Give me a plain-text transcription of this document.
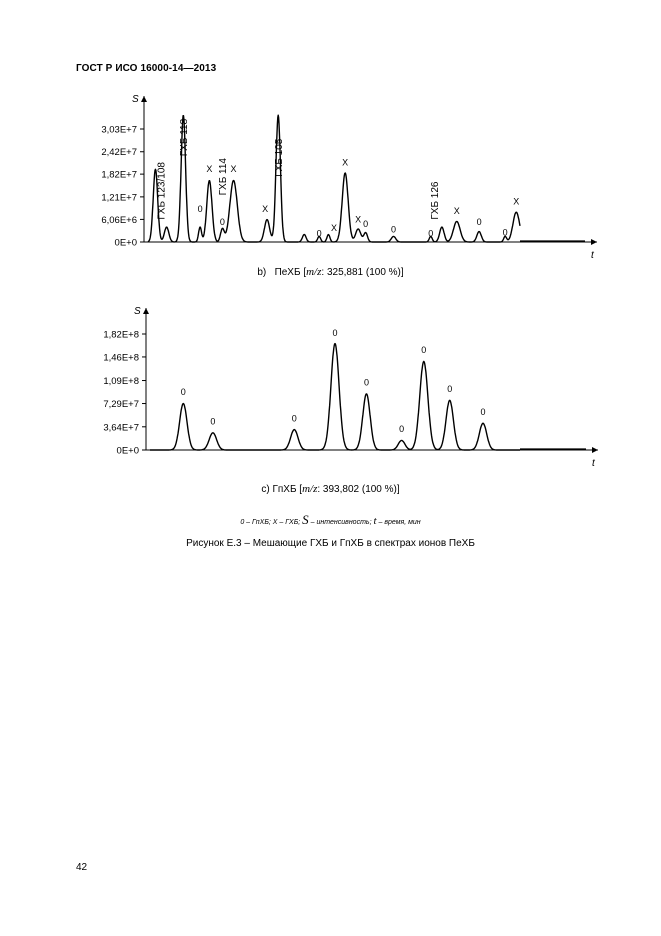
ГОСТ Р ИСО 16000-14—2013
S
t
0E+0
6,06E+6
1,21E+7
1,82E+7
2,42E+7
3,03E+7
ГХБ 123/108
ГХБ 118
ГХБ 114	ГХБ 105
ГХБ 126
X X
X
X
X
X
X
X
0
0
0
0
0	0
0
0
b) ПеХБ [m/z: 325,881 (100 %)]
S
t
0E+0
3,64E+7
7,29E+7
1,09E+8
1,46E+8
1,82E+8
0
0	0
0
0
0
0
0
0
c) ГпХБ [m/z: 393,802 (100 %)]
0 – ГпХБ; X – ГХБ; S – интенсивность; t – время, мин
Рисунок Е.3 – Мешающие ГХБ и ГпХБ в спектрах ионов ПеХБ
42
